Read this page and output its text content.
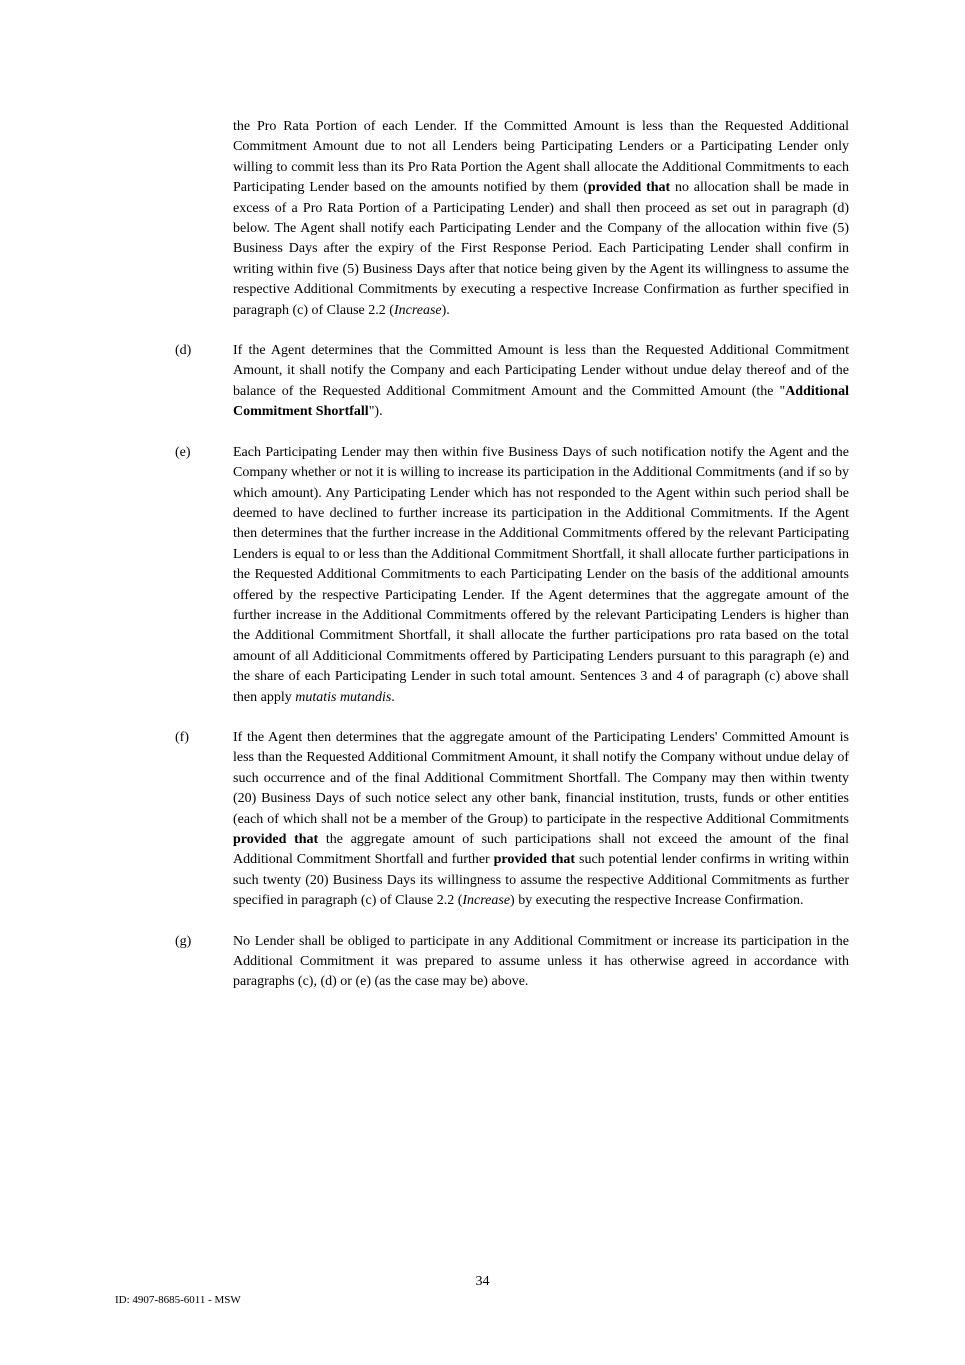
the Pro Rata Portion of each Lender. If the Committed Amount is less than the Requested Additional Commitment Amount due to not all Lenders being Participating Lenders or a Participating Lender only willing to commit less than its Pro Rata Portion the Agent shall allocate the Additional Commitments to each Participating Lender based on the amounts notified by them (provided that no allocation shall be made in excess of a Pro Rata Portion of a Participating Lender) and shall then proceed as set out in paragraph (d) below. The Agent shall notify each Participating Lender and the Company of the allocation within five (5) Business Days after the expiry of the First Response Period. Each Participating Lender shall confirm in writing within five (5) Business Days after that notice being given by the Agent its willingness to assume the respective Additional Commitments by executing a respective Increase Confirmation as further specified in paragraph (c) of Clause 2.2 (Increase).
(d)	If the Agent determines that the Committed Amount is less than the Requested Additional Commitment Amount, it shall notify the Company and each Participating Lender without undue delay thereof and of the balance of the Requested Additional Commitment Amount and the Committed Amount (the "Additional Commitment Shortfall").
(e)	Each Participating Lender may then within five Business Days of such notification notify the Agent and the Company whether or not it is willing to increase its participation in the Additional Commitments (and if so by which amount). Any Participating Lender which has not responded to the Agent within such period shall be deemed to have declined to further increase its participation in the Additional Commitments. If the Agent then determines that the further increase in the Additional Commitments offered by the relevant Participating Lenders is equal to or less than the Additional Commitment Shortfall, it shall allocate further participations in the Requested Additional Commitments to each Participating Lender on the basis of the additional amounts offered by the respective Participating Lender. If the Agent determines that the aggregate amount of the further increase in the Additional Commitments offered by the relevant Participating Lenders is higher than the Additional Commitment Shortfall, it shall allocate the further participations pro rata based on the total amount of all Additicional Commitments offered by Participating Lenders pursuant to this paragraph (e) and the share of each Participating Lender in such total amount. Sentences 3 and 4 of paragraph (c) above shall then apply mutatis mutandis.
(f)	If the Agent then determines that the aggregate amount of the Participating Lenders' Committed Amount is less than the Requested Additional Commitment Amount, it shall notify the Company without undue delay of such occurrence and of the final Additional Commitment Shortfall. The Company may then within twenty (20) Business Days of such notice select any other bank, financial institution, trusts, funds or other entities (each of which shall not be a member of the Group) to participate in the respective Additional Commitments provided that the aggregate amount of such participations shall not exceed the amount of the final Additional Commitment Shortfall and further provided that such potential lender confirms in writing within such twenty (20) Business Days its willingness to assume the respective Additional Commitments as further specified in paragraph (c) of Clause 2.2 (Increase) by executing the respective Increase Confirmation.
(g)	No Lender shall be obliged to participate in any Additional Commitment or increase its participation in the Additional Commitment it was prepared to assume unless it has otherwise agreed in accordance with paragraphs (c), (d) or (e) (as the case may be) above.
34
ID: 4907-8685-6011 - MSW
